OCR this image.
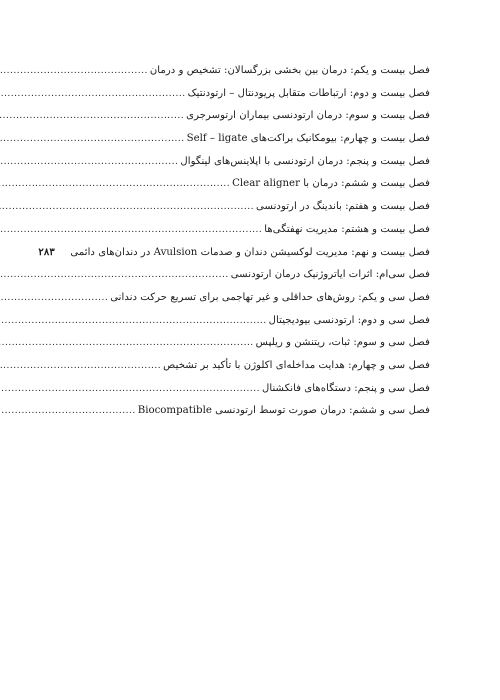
فصل بیست و یکم: درمان بین بخشی بزرگسالان: تشخیص و درمان
.....
فصل بیست و دوم: ارتباطات متقابل پریودنتال – ارتودنتیک
.....
فصل بیست و سوم: درمان ارتودنسی بیماران ارتوسرجری
.....
فصل بیست و چهارم: بیومکانیک براکت‌های Self – ligate
.....
فصل بیست و پنجم: درمان ارتودنسی با اپلاینس‌های لینگوال
.....
فصل بیست و ششم: درمان با Clear aligner
.....
فصل بیست و هفتم: باندینگ در ارتودنسی
.....
فصل بیست و هشتم: مدیریت نهفتگی‌ها
.....
فصل بیست و نهم: مدیریت لوکسیشن دندان و صدمات Avulsion در دندان‌های دائمی
۲۸۳
فصل سی‌ام: اثرات ایاتروژنیک درمان ارتودنسی
.....
فصل سی و یکم: روش‌های حداقلی و غیر تهاجمی برای تسریع حرکت دندانی
.....
فصل سی و دوم: ارتودنسی بیودیجیتال
.....
فصل سی و سوم: ثبات، ریتنشن و ریلپس
.....
فصل سی و چهارم: هدایت مداخله‌ای اکلوژن با تأکید بر تشخیص
.....
فصل سی و پنجم: دستگاه‌های فانکشنال
.....
فصل سی و ششم: درمان صورت توسط ارتودنسی Biocompatible
.....
